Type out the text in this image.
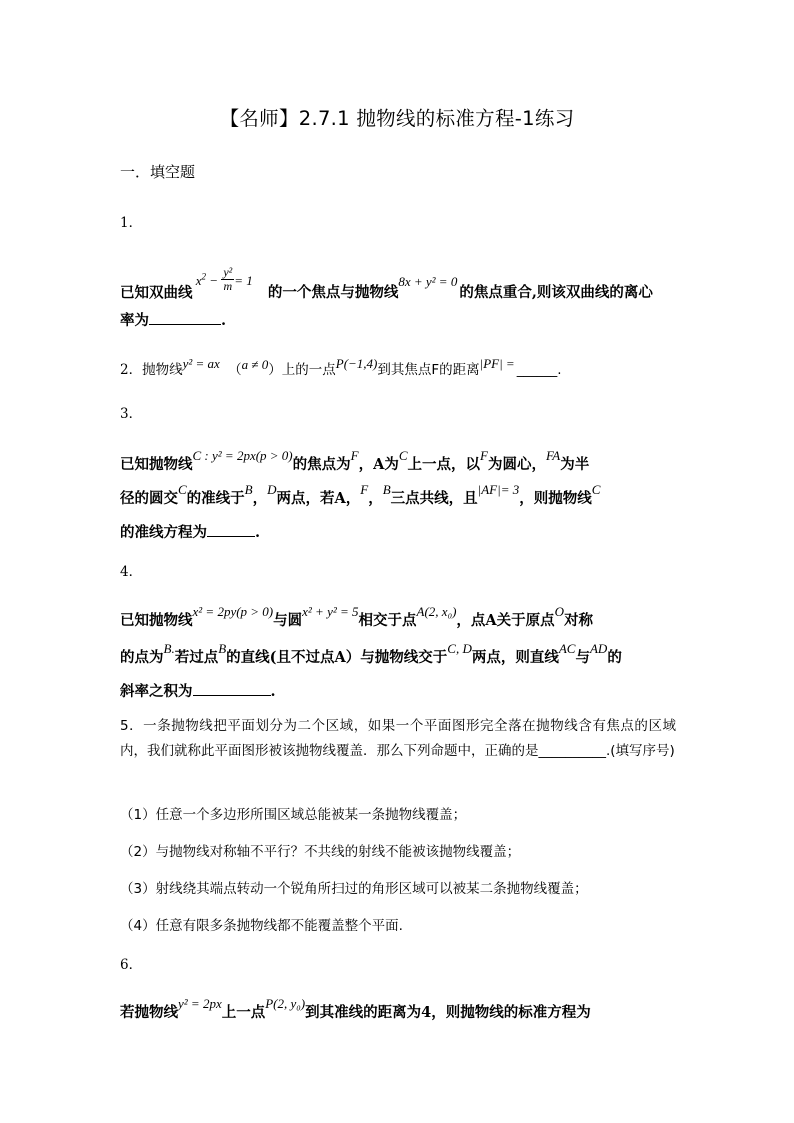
【名师】2.7.1 抛物线的标准方程-1练习
一．填空题
1．
已知双曲线 $x^2 - \frac{\text{y²}}{m} = 1$ 的一个焦点与抛物线8x + y² = 0的焦点重合,则该双曲线的离心
率为	.
2．抛物线y² = ax （a ≠ 0）上的一点P(−1,4)到其焦点F的距离|PF| = ______.
3．
已知抛物线C : y² = 2px(p > 0)的焦点为F，A为C上一点，以F为圆心，FA为半
径的圆交C的准线于B，D两点，若A，F，B三点共线，且|AF|= 3，则抛物线C
的准线方程为	.
4．
已知抛物线x² = 2py(p > 0)与圆x² + y² = 5相交于点A(2, x₀)，点A关于原点O对称
的点为B.若过点B的直线(且不过点A）与抛物线交于C, D两点，则直线AC与AD的
斜率之积为	.
5．一条抛物线把平面划分为二个区域，如果一个平面图形完全落在抛物线含有焦点的区域内，我们就称此平面图形被该抛物线覆盖．那么下列命题中，正确的是__________.(填写序号)
（1）任意一个多边形所围区域总能被某一条抛物线覆盖；
（2）与抛物线对称轴不平行？不共线的射线不能被该抛物线覆盖；
（3）射线绕其端点转动一个锐角所扫过的角形区域可以被某二条抛物线覆盖；
（4）任意有限多条抛物线都不能覆盖整个平面.
6．
若抛物线y² = 2px上一点P(2, y₀)到其准线的距离为4，则抛物线的标准方程为
